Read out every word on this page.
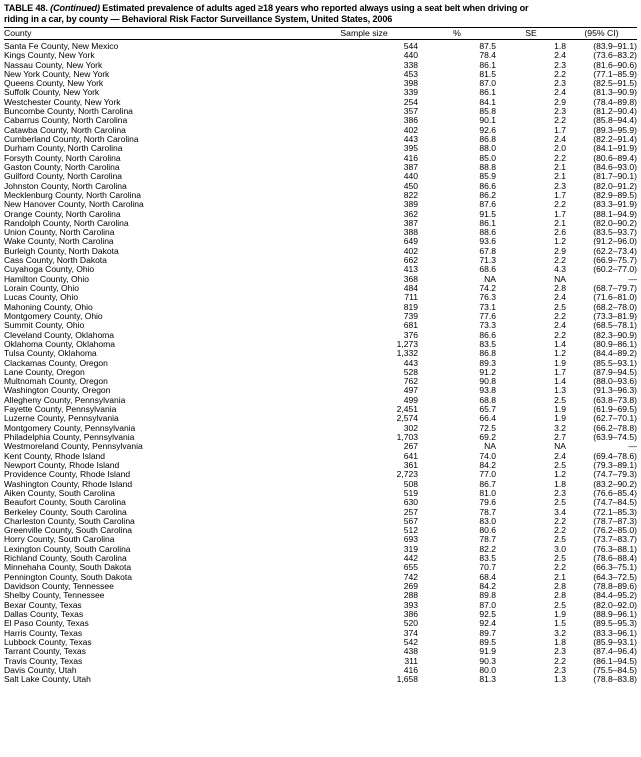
TABLE 48. (Continued) Estimated prevalence of adults aged ≥18 years who reported always using a seat belt when driving or
riding in a car, by county — Behavioral Risk Factor Surveillance System, United States, 2006
County	Sample size	%	SE	(95% CI)
Santa Fe County, New Mexico	544	87.5	1.8	(83.9–91.1)
Kings County, New York	440	78.4	2.4	(73.6–83.2)
Nassau County, New York	338	86.1	2.3	(81.6–90.6)
New York County, New York	453	81.5	2.2	(77.1–85.9)
Queens County, New York	398	87.0	2.3	(82.5–91.5)
Suffolk County, New York	339	86.1	2.4	(81.3–90.9)
Westchester County, New York	254	84.1	2.9	(78.4–89.8)
Buncombe County, North Carolina	357	85.8	2.3	(81.2–90.4)
Cabarrus County, North Carolina	386	90.1	2.2	(85.8–94.4)
Catawba County, North Carolina	402	92.6	1.7	(89.3–95.9)
Cumberland County, North Carolina	443	86.8	2.4	(82.2–91.4)
Durham County, North Carolina	395	88.0	2.0	(84.1–91.9)
Forsyth County, North Carolina	416	85.0	2.2	(80.6–89.4)
Gaston County, North Carolina	387	88.8	2.1	(84.6–93.0)
Guilford County, North Carolina	440	85.9	2.1	(81.7–90.1)
Johnston County, North Carolina	450	86.6	2.3	(82.0–91.2)
Mecklenburg County, North Carolina	822	86.2	1.7	(82.9–89.5)
New Hanover County, North Carolina	389	87.6	2.2	(83.3–91.9)
Orange County, North Carolina	362	91.5	1.7	(88.1–94.9)
Randolph County, North Carolina	387	86.1	2.1	(82.0–90.2)
Union County, North Carolina	388	88.6	2.6	(83.5–93.7)
Wake County, North Carolina	649	93.6	1.2	(91.2–96.0)
Burleigh County, North Dakota	402	67.8	2.9	(62.2–73.4)
Cass County, North Dakota	662	71.3	2.2	(66.9–75.7)
Cuyahoga County, Ohio	413	68.6	4.3	(60.2–77.0)
Hamilton County, Ohio	368	NA	NA	—
Lorain County, Ohio	484	74.2	2.8	(68.7–79.7)
Lucas County, Ohio	711	76.3	2.4	(71.6–81.0)
Mahoning County, Ohio	819	73.1	2.5	(68.2–78.0)
Montgomery County, Ohio	739	77.6	2.2	(73.3–81.9)
Summit County, Ohio	681	73.3	2.4	(68.5–78.1)
Cleveland County, Oklahoma	376	86.6	2.2	(82.3–90.9)
Oklahoma County, Oklahoma	1,273	83.5	1.4	(80.9–86.1)
Tulsa County, Oklahoma	1,332	86.8	1.2	(84.4–89.2)
Clackamas County, Oregon	443	89.3	1.9	(85.5–93.1)
Lane County, Oregon	528	91.2	1.7	(87.9–94.5)
Multnomah County, Oregon	762	90.8	1.4	(88.0–93.6)
Washington County, Oregon	497	93.8	1.3	(91.3–96.3)
Allegheny County, Pennsylvania	499	68.8	2.5	(63.8–73.8)
Fayette County, Pennsylvania	2,451	65.7	1.9	(61.9–69.5)
Luzerne County, Pennsylvania	2,574	66.4	1.9	(62.7–70.1)
Montgomery County, Pennsylvania	302	72.5	3.2	(66.2–78.8)
Philadelphia County, Pennsylvania	1,703	69.2	2.7	(63.9–74.5)
Westmoreland County, Pennsylvania	267	NA	NA	—
Kent County, Rhode Island	641	74.0	2.4	(69.4–78.6)
Newport County, Rhode Island	361	84.2	2.5	(79.3–89.1)
Providence County, Rhode Island	2,723	77.0	1.2	(74.7–79.3)
Washington County, Rhode Island	508	86.7	1.8	(83.2–90.2)
Aiken County, South Carolina	519	81.0	2.3	(76.6–85.4)
Beaufort County, South Carolina	630	79.6	2.5	(74.7–84.5)
Berkeley County, South Carolina	257	78.7	3.4	(72.1–85.3)
Charleston County, South Carolina	567	83.0	2.2	(78.7–87.3)
Greenville County, South Carolina	512	80.6	2.2	(76.2–85.0)
Horry County, South Carolina	693	78.7	2.5	(73.7–83.7)
Lexington County, South Carolina	319	82.2	3.0	(76.3–88.1)
Richland County, South Carolina	442	83.5	2.5	(78.6–88.4)
Minnehaha County, South Dakota	655	70.7	2.2	(66.3–75.1)
Pennington County, South Dakota	742	68.4	2.1	(64.3–72.5)
Davidson County, Tennessee	269	84.2	2.8	(78.8–89.6)
Shelby County, Tennessee	288	89.8	2.8	(84.4–95.2)
Bexar County, Texas	393	87.0	2.5	(82.0–92.0)
Dallas County, Texas	386	92.5	1.9	(88.9–96.1)
El Paso County, Texas	520	92.4	1.5	(89.5–95.3)
Harris County, Texas	374	89.7	3.2	(83.3–96.1)
Lubbock County, Texas	542	89.5	1.8	(85.9–93.1)
Tarrant County, Texas	438	91.9	2.3	(87.4–96.4)
Travis County, Texas	311	90.3	2.2	(86.1–94.5)
Davis County, Utah	416	80.0	2.3	(75.5–84.5)
Salt Lake County, Utah	1,658	81.3	1.3	(78.8–83.8)
